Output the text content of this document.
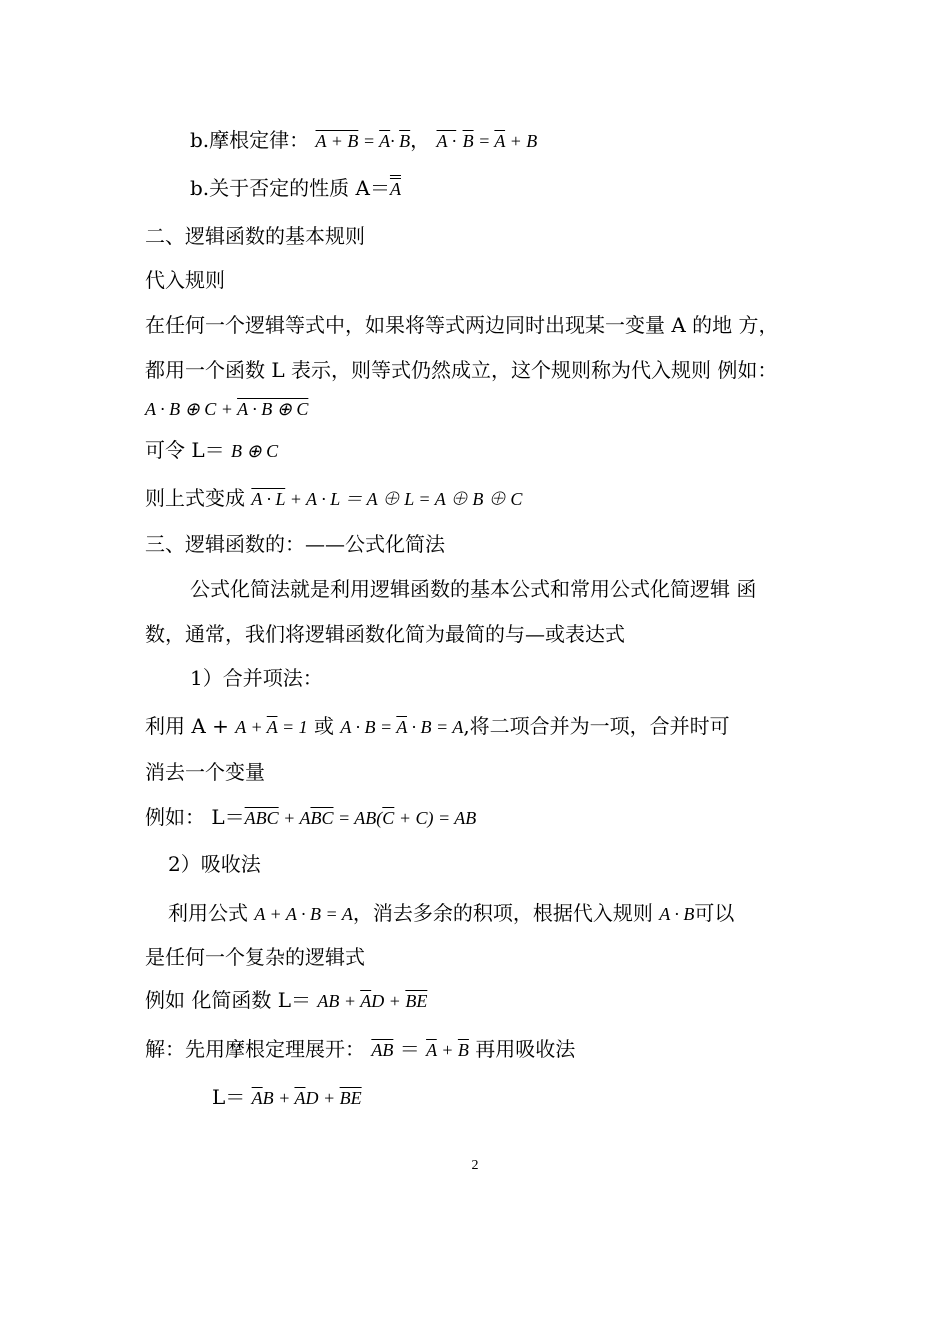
b.摩根定律： $A + B = \overline{A}\cdot \overline{B}$， $A \cdot \overline{B} = \overline{A} + B$
b.关于否定的性质 A＝A
二、逻辑函数的基本规则
代入规则
在任何一个逻辑等式中，如果将等式两边同时出现某一变量 A 的地 方，
都用一个函数 L 表示，则等式仍然成立，这个规则称为代入规则 例如：
A · B ⊕ C + A · B ⊕ C
可令 L＝ B ⊕ C
则上式变成 A · L + A · L ＝ A ⊕ L = A ⊕ B ⊕ C
三、逻辑函数的：——公式化简法
公式化简法就是利用逻辑函数的基本公式和常用公式化简逻辑 函
数，通常，我们将逻辑函数化简为最简的与—或表达式
1）合并项法：
利用 $A + A + \overline{A} = 1$ 或 $A \cdot B = \overline{A} \cdot B = A$,将二项合并为一项，合并时可
消去一个变量
例如： $L=\overline{ABC} + A\overline{BC} = AB(\overline{C} + C)$ = AB
2）吸收法
利用公式 A + A · B = A，消去多余的积项，根据代入规则 A · B可以
是任何一个复杂的逻辑式
例如 化简函数 L＝ AB + $\overline{A}D + \overline{BE}$
解：先用摩根定理展开： $\overline{AB} = \overline{A} + \overline{B}$ 再用吸收法
$L= \overline{A}B + \overline{A}D + \overline{BE}$
2
